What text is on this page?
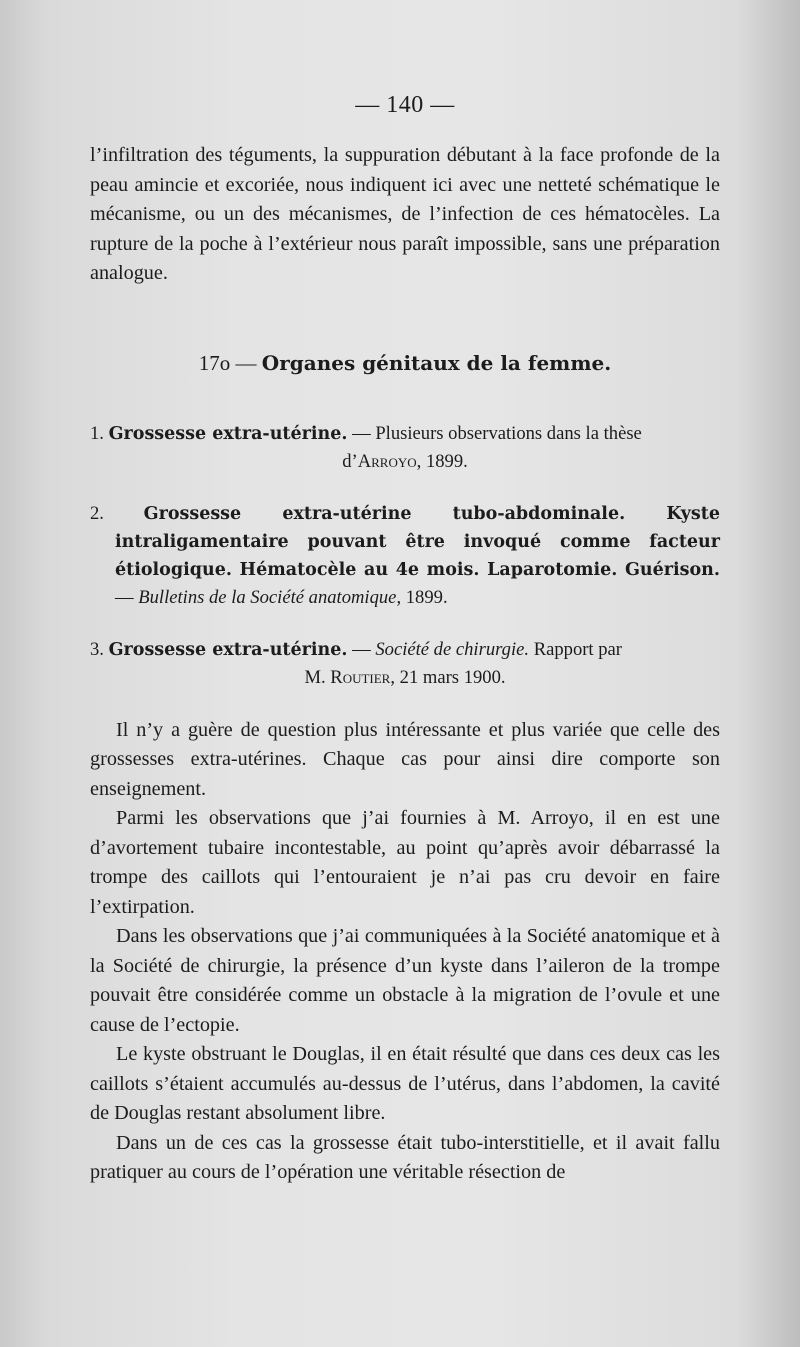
— 140 —

l’infiltration des téguments, la suppuration débutant à la face profonde de la peau amincie et excoriée, nous indiquent ici avec une netteté schématique le mécanisme, ou un des mécanismes, de l’infection de ces hématocèles. La rupture de la poche à l’extérieur nous paraît impossible, sans une préparation analogue.

17o — Organes génitaux de la femme.
1. Grossesse extra-utérine. — Plusieurs observations dans la thèse
d’Arroyo, 1899.
2. Grossesse extra-utérine tubo-abdominale. Kyste intraligamentaire pouvant être invoqué comme facteur étiologique. Hématocèle au 4e mois. Laparotomie. Guérison. — Bulletins de la Société anatomique, 1899.
3. Grossesse extra-utérine. — Société de chirurgie. Rapport par
M. Routier, 21 mars 1900.

Il n’y a guère de question plus intéressante et plus variée que celle des grossesses extra-utérines. Chaque cas pour ainsi dire comporte son enseignement.

Parmi les observations que j’ai fournies à M. Arroyo, il en est une d’avortement tubaire incontestable, au point qu’après avoir débarrassé la trompe des caillots qui l’entouraient je n’ai pas cru devoir en faire l’extirpation.

Dans les observations que j’ai communiquées à la Société anatomique et à la Société de chirurgie, la présence d’un kyste dans l’aileron de la trompe pouvait être considérée comme un obstacle à la migration de l’ovule et une cause de l’ectopie.

Le kyste obstruant le Douglas, il en était résulté que dans ces deux cas les caillots s’étaient accumulés au-dessus de l’utérus, dans l’abdomen, la cavité de Douglas restant absolument libre.

Dans un de ces cas la grossesse était tubo-interstitielle, et il avait fallu pratiquer au cours de l’opération une véritable résection de
